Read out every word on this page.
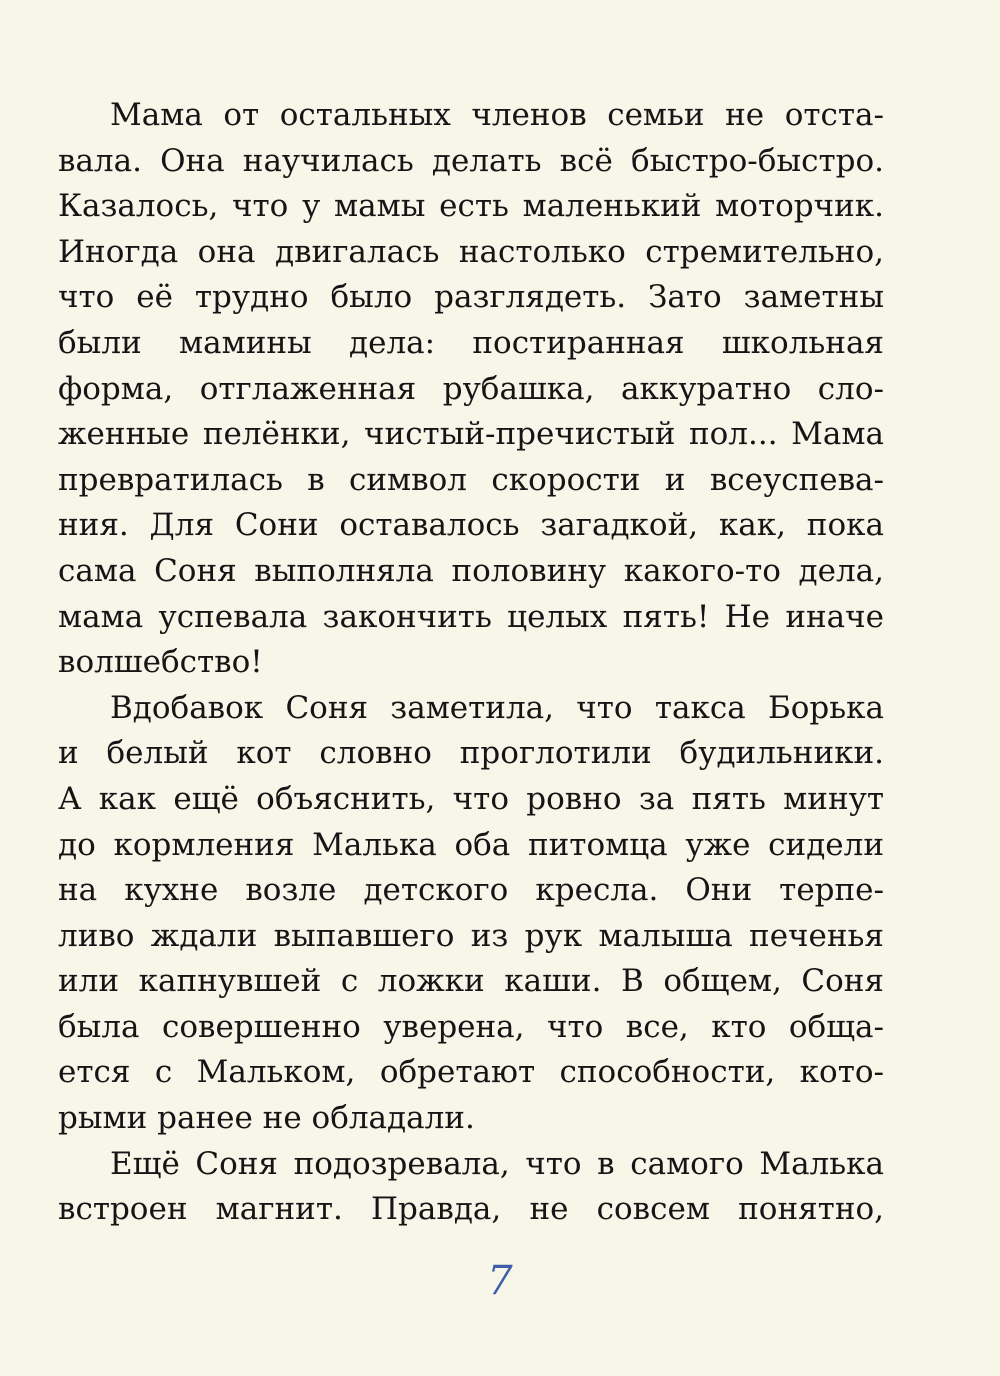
Мама от остальных членов семьи не отста-
вала. Она научилась делать всё быстро-быстро.
Казалось, что у мамы есть маленький моторчик.
Иногда она двигалась настолько стремительно,
что её трудно было разглядеть. Зато заметны
были мамины дела: постиранная школьная
форма, отглаженная рубашка, аккуратно сло-
женные пелёнки, чистый-пречистый пол... Мама
превратилась в символ скорости и всеуспева-
ния. Для Сони оставалось загадкой, как, пока
сама Соня выполняла половину какого-то дела,
мама успевала закончить целых пять! Не иначе
волшебство!
Вдобавок Соня заметила, что такса Борька
и белый кот словно проглотили будильники.
А как ещё объяснить, что ровно за пять минут
до кормления Малька оба питомца уже сидели
на кухне возле детского кресла. Они терпе-
ливо ждали выпавшего из рук малыша печенья
или капнувшей с ложки каши. В общем, Соня
была совершенно уверена, что все, кто обща-
ется с Мальком, обретают способности, кото-
рыми ранее не обладали.
Ещё Соня подозревала, что в самого Малька
встроен магнит. Правда, не совсем понятно,
7
